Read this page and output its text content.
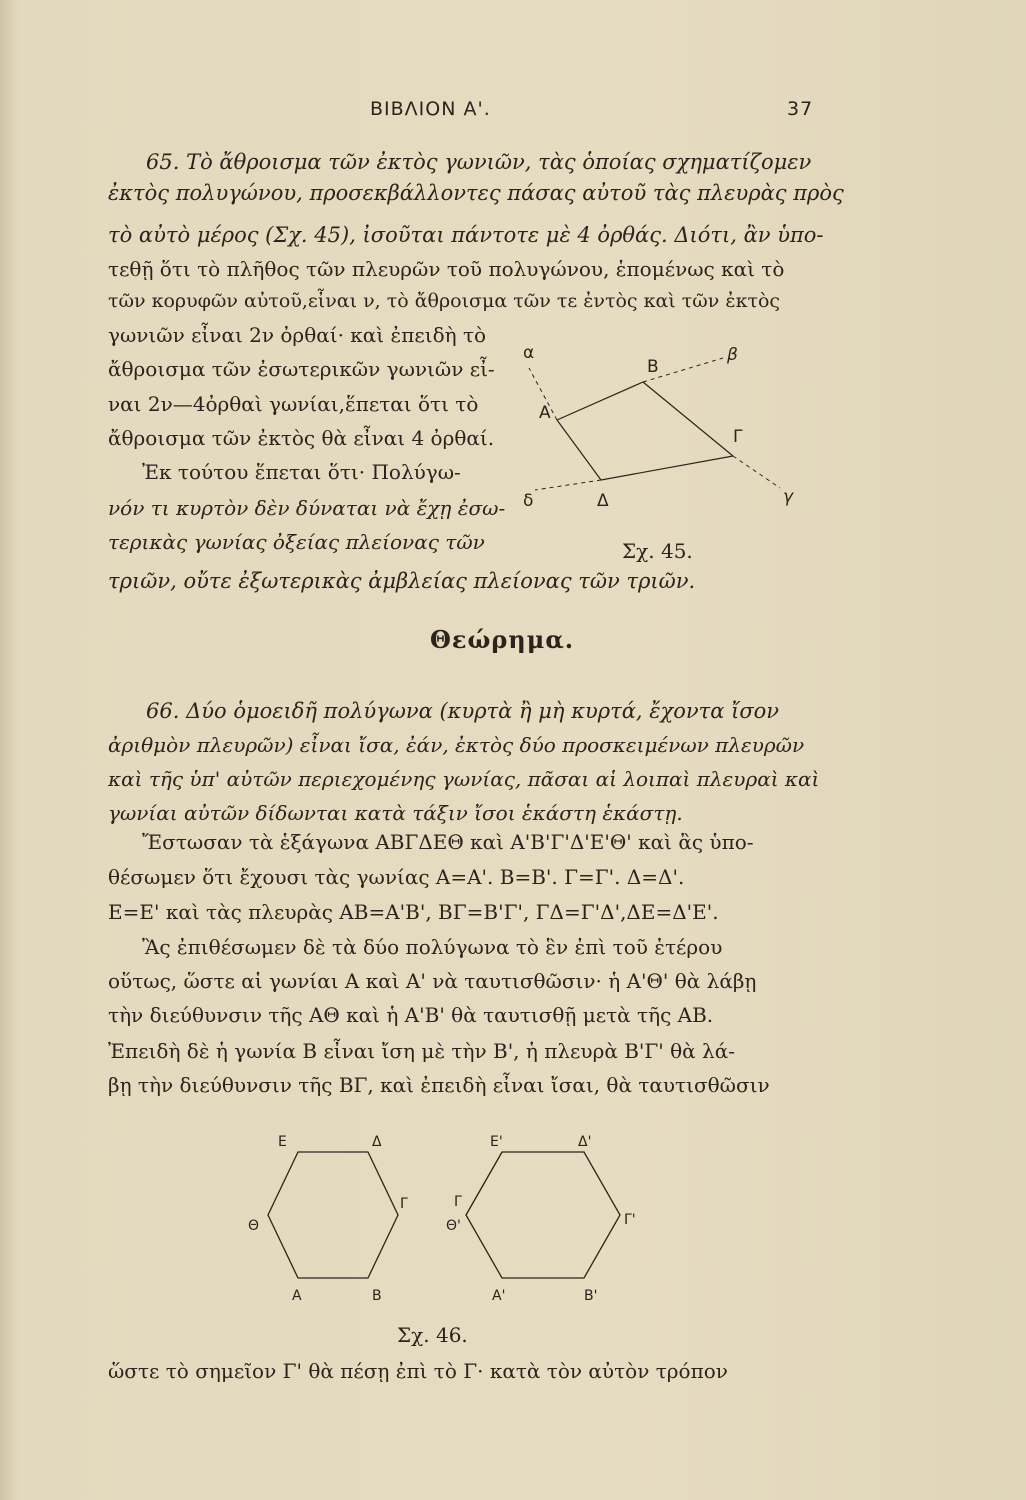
ΒΙΒΛΙΟΝ Α'.	37
65. Τὸ ἄθροισμα τῶν ἐκτὸς γωνιῶν, τὰς ὁποίας σχηματίζομεν
ἐκτὸς πολυγώνου, προσεκβάλλοντες πάσας αὐτοῦ τὰς πλευρὰς πρὸς
τὸ αὐτὸ μέρος (Σχ. 45), ἰσοῦται πάντοτε μὲ 4 ὀρθάς. Διότι, ἂν ὑπο-
τεθῇ ὅτι τὸ πλῆθος τῶν πλευρῶν τοῦ πολυγώνου, ἑπομένως καὶ τὸ
τῶν κορυφῶν αὐτοῦ,εἶναι ν, τὸ ἄθροισμα τῶν τε ἐντὸς καὶ τῶν ἐκτὸς
γωνιῶν εἶναι 2ν ὀρθαί· καὶ ἐπειδὴ τὸ
ἄθροισμα τῶν ἐσωτερικῶν γωνιῶν εἶ-
ναι 2ν—4ὀρθαὶ γωνίαι,ἕπεται ὅτι τὸ
ἄθροισμα τῶν ἐκτὸς θὰ εἶναι 4 ὀρθαί.
Ἐκ τούτου ἕπεται ὅτι· Πολύγω-
νόν τι κυρτὸν δὲν δύναται νὰ ἔχῃ ἐσω-
τερικὰς γωνίας ὀξείας πλείονας τῶν
τριῶν, οὔτε ἐξωτερικὰς ἀμβλείας πλείονας τῶν τριῶν.
α
Β
β
Α
Γ
Δ
δ	γ
Σχ. 45.
Θεώρημα.
66. Δύο ὁμοειδῆ πολύγωνα (κυρτὰ ἢ μὴ κυρτά, ἔχοντα ἴσον
ἀριθμὸν πλευρῶν) εἶναι ἴσα, ἐάν, ἐκτὸς δύο προσκειμένων πλευρῶν
καὶ τῆς ὑπ' αὐτῶν περιεχομένης γωνίας, πᾶσαι αἱ λοιπαὶ πλευραὶ καὶ
γωνίαι αὐτῶν δίδωνται κατὰ τάξιν ἴσοι ἑκάστη ἑκάστῃ.
Ἔστωσαν τὰ ἑξάγωνα ΑΒΓΔΕΘ καὶ Α'Β'Γ'Δ'Ε'Θ' καὶ ἂς ὑπο-
θέσωμεν ὅτι ἔχουσι τὰς γωνίας Α=Α'. Β=Β'. Γ=Γ'. Δ=Δ'.
Ε=Ε' καὶ τὰς πλευρὰς ΑΒ=Α'Β', ΒΓ=Β'Γ', ΓΔ=Γ'Δ',ΔΕ=Δ'Ε'.
Ἂς ἐπιθέσωμεν δὲ τὰ δύο πολύγωνα τὸ ἓν ἐπὶ τοῦ ἑτέρου
οὕτως, ὥστε αἱ γωνίαι Α καὶ Α' νὰ ταυτισθῶσιν· ἡ Α'Θ' θὰ λάβῃ
τὴν διεύθυνσιν τῆς ΑΘ καὶ ἡ Α'Β' θὰ ταυτισθῇ μετὰ τῆς ΑΒ.
Ἐπειδὴ δὲ ἡ γωνία Β εἶναι ἴση μὲ τὴν Β', ἡ πλευρὰ Β'Γ' θὰ λά-
βῃ τὴν διεύθυνσιν τῆς ΒΓ, καὶ ἐπειδὴ εἶναι ἴσαι, θὰ ταυτισθῶσιν
Ε	Δ
Θ
Γ
Α	Β
Ε'	Δ'
Θ'	Γ'
Α'	Β'
Γ
Σχ. 46.
ὥστε τὸ σημεῖον Γ' θὰ πέσῃ ἐπὶ τὸ Γ· κατὰ τὸν αὐτὸν τρόπον
